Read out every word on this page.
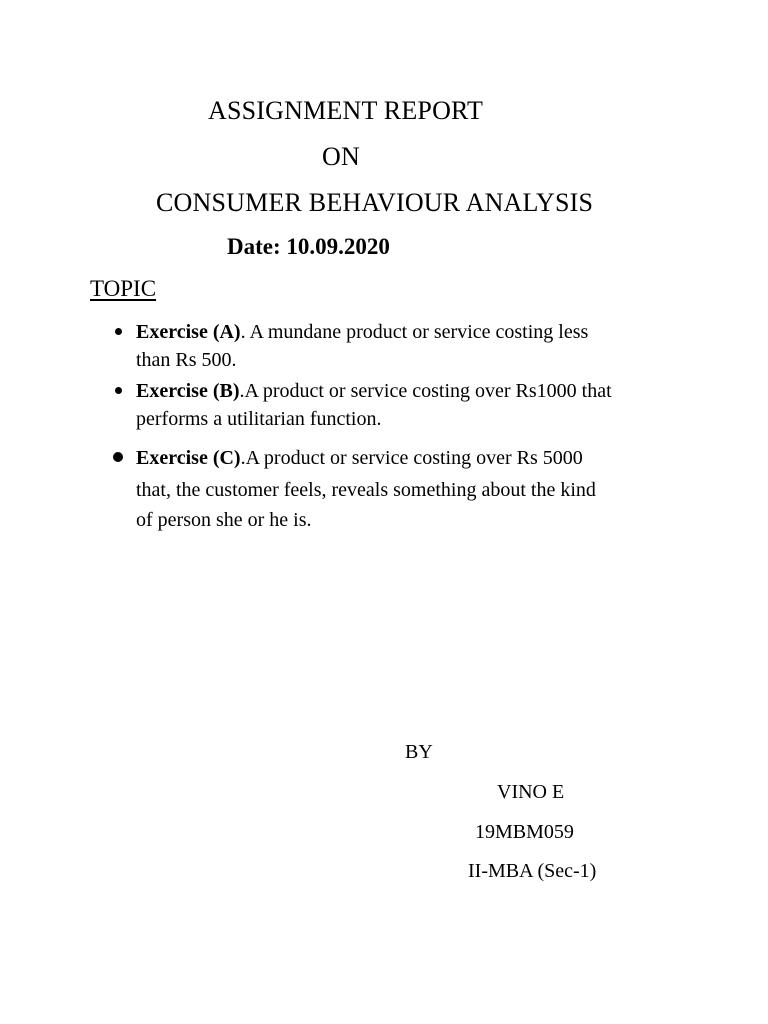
ASSIGNMENT REPORT
ON
CONSUMER BEHAVIOUR ANALYSIS
Date: 10.09.2020
TOPIC
Exercise (A). A mundane product or service costing less
than Rs 500.
Exercise (B).A product or service costing over Rs1000 that
performs a utilitarian function.
Exercise (C).A product or service costing over Rs 5000
that, the customer feels, reveals something about the kind
of person she or he is.
BY
VINO E
19MBM059
II-MBA (Sec-1)
